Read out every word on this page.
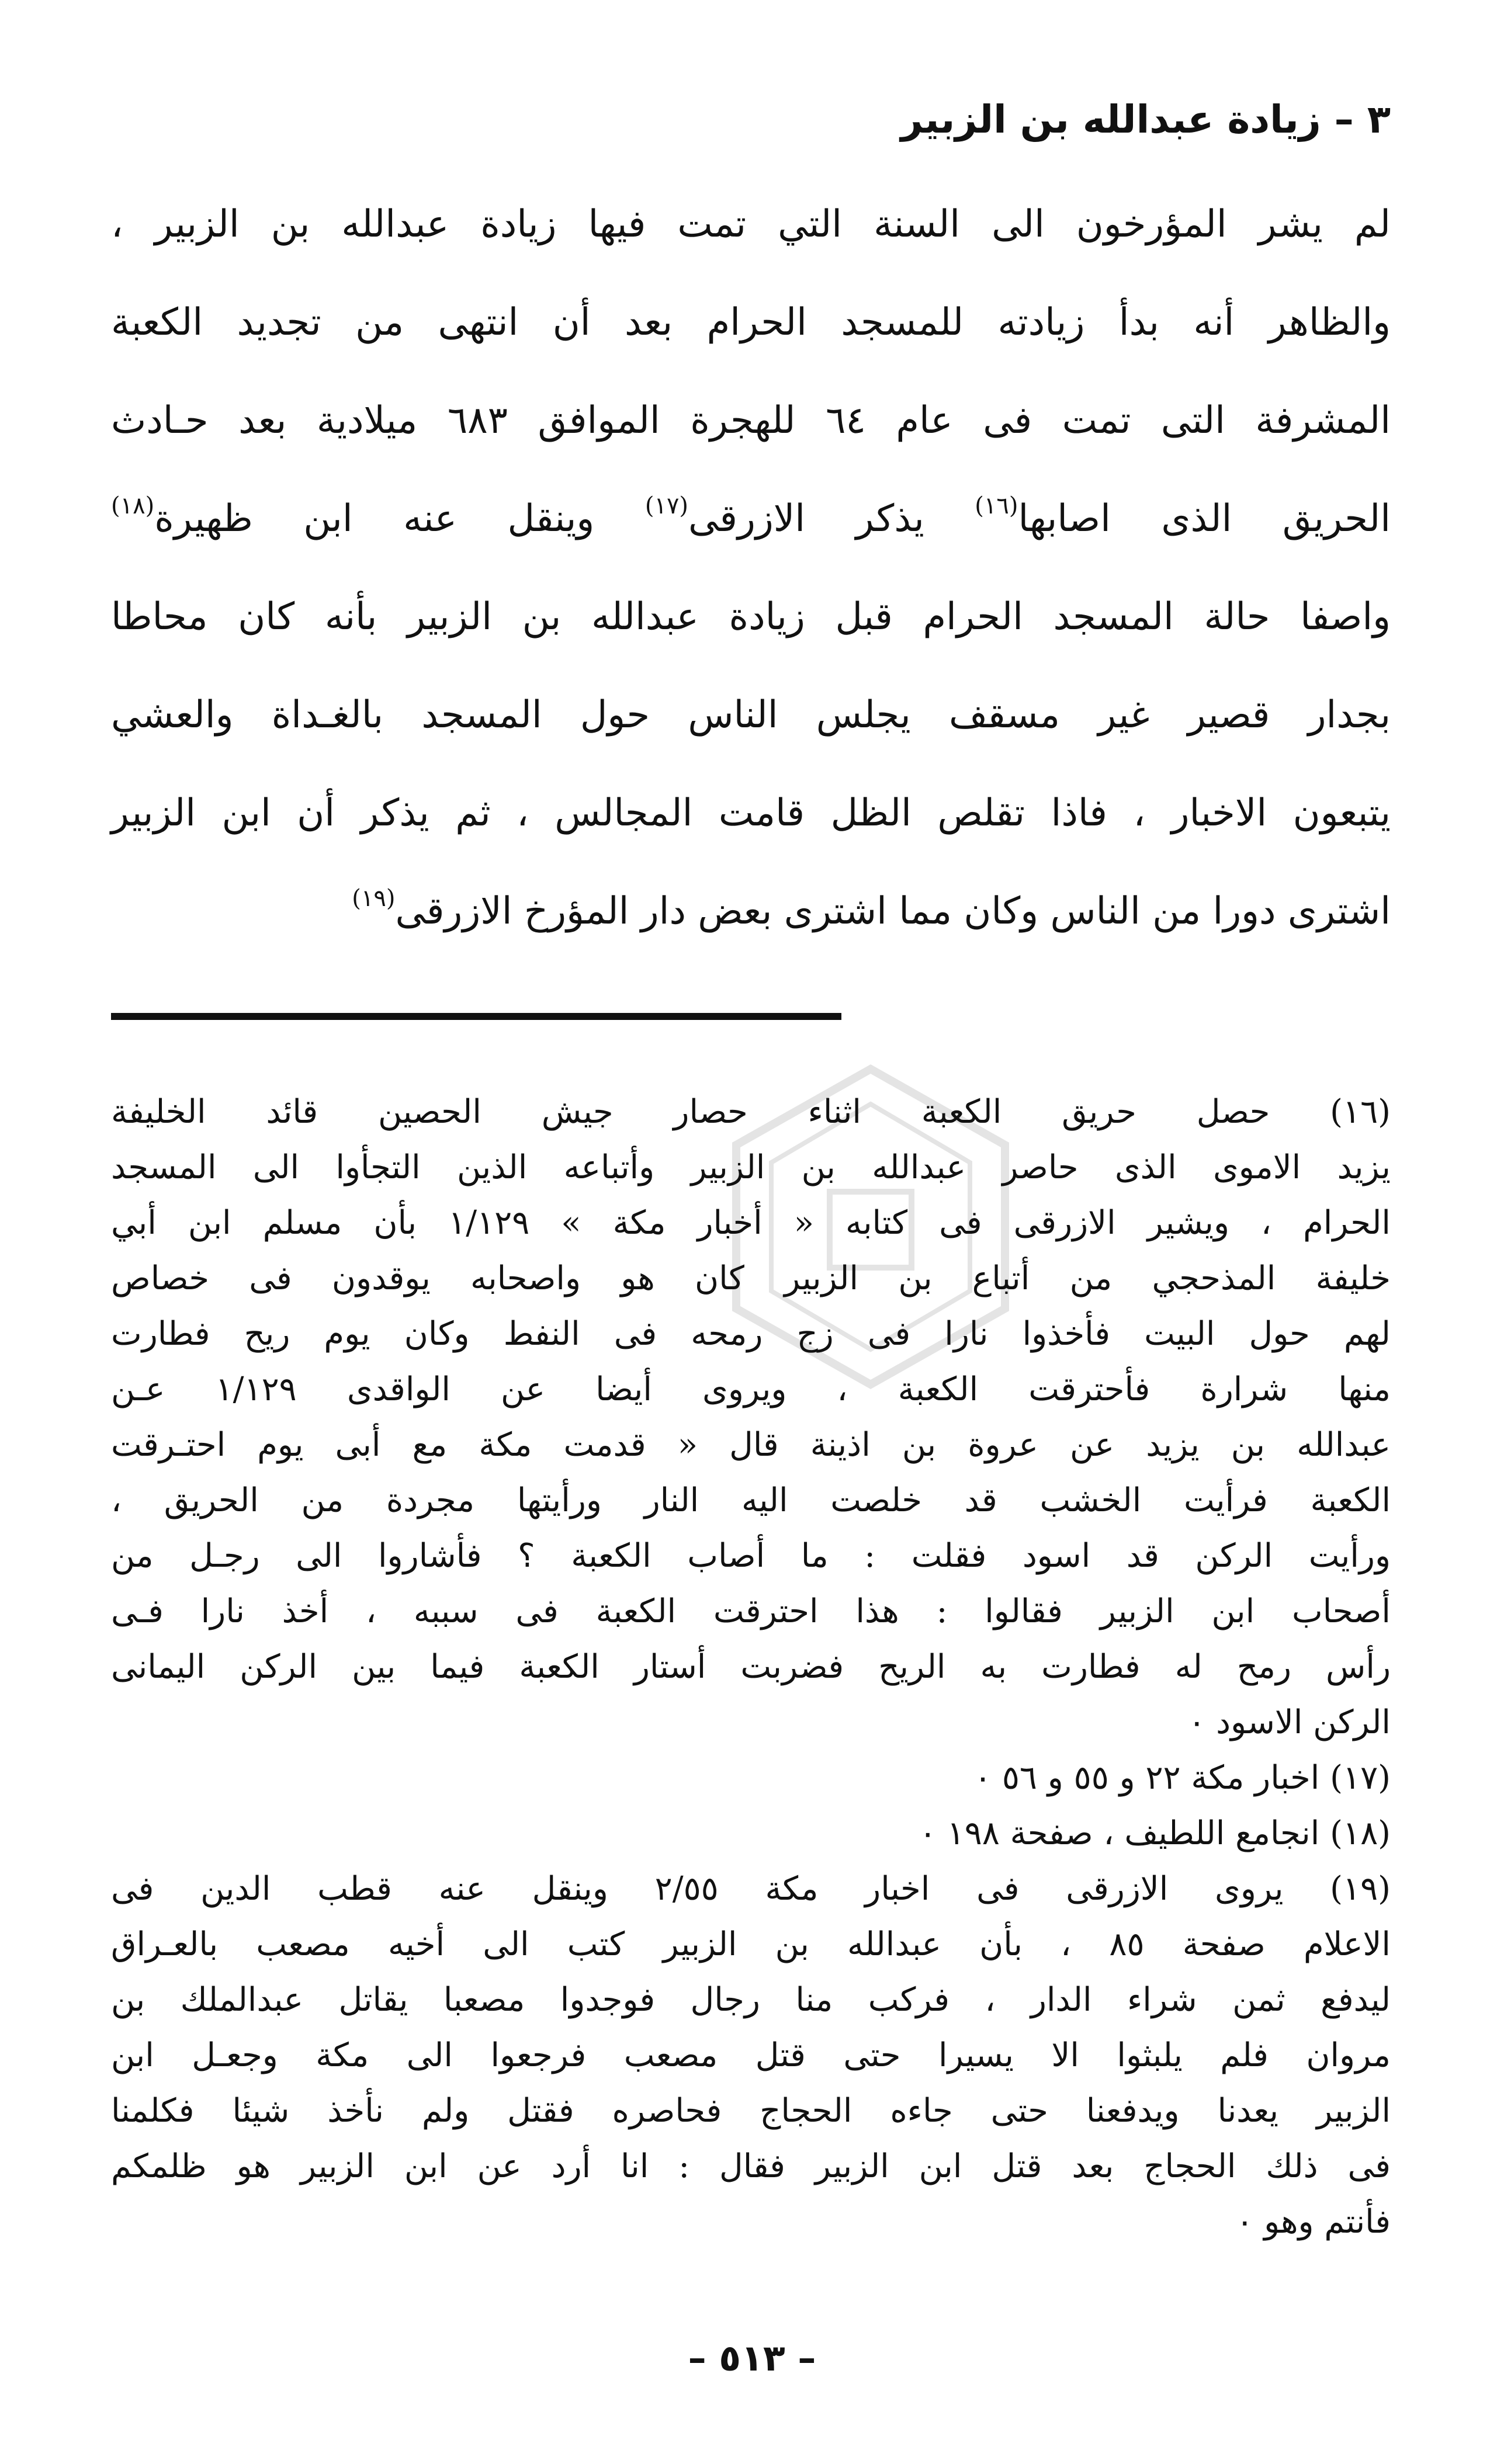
٣ – زيادة عبدالله بن الزبير
لم يشر المؤرخون الى السنة التي تمت فيها زيادة عبدالله بن الزبير ،
والظاهر أنه بدأ زيادته للمسجد الحرام بعد أن انتهى من تجديد الكعبة
المشرفة التى تمت فى عام ٦٤ للهجرة الموافق ٦٨٣ ميلادية بعد حـادث
الحريق الذى اصابها$^{(١٦)}$ يذكر الازرقى$^{(١٧)}$ وينقل عنه ابن ظهيرة$^{(١٨)}$
واصفا حالة المسجد الحرام قبل زيادة عبدالله بن الزبير بأنه كان محاطا
بجدار قصير غير مسقف يجلس الناس حول المسجد بالغـداة والعشي
يتبعون الاخبار ، فاذا تقلص الظل قامت المجالس ، ثم يذكر أن ابن الزبير
اشترى دورا من الناس وكان مما اشترى بعض دار المؤرخ الازرقى$^{(١٩)}$
(١٦) حصل حريق الكعبة اثناء حصار جيش الحصين قائد الخليفة
يزيد الاموى الذى حاصر عبدالله بن الزبير وأتباعه الذين التجأوا الى المسجد
الحرام ، ويشير الازرقى فى كتابه « أخبار مكة » ١/١٢٩ بأن مسلم ابن أبي
خليفة المذحجي من أتباع بن الزبير كان هو واصحابه يوقدون فى خصاص
لهم حول البيت فأخذوا نارا فى زج رمحه فى النفط وكان يوم ريح فطارت
منها شرارة فأحترقت الكعبة ، ويروى أيضا عن الواقدى ١/١٢٩ عـن
عبدالله بن يزيد عن عروة بن اذينة قال « قدمت مكة مع أبى يوم احتـرقت
الكعبة فرأيت الخشب قد خلصت اليه النار ورأيتها مجردة من الحريق ،
ورأيت الركن قد اسود فقلت : ما أصاب الكعبة ؟ فأشاروا الى رجـل من
أصحاب ابن الزبير فقالوا : هذا احترقت الكعبة فى سببه ، أخذ نارا فـى
رأس رمح له فطارت به الريح فضربت أستار الكعبة فيما بين الركن اليمانى
الركن الاسود ٠
(١٧) اخبار مكة ٢٢ و ٥٥ و ٥٦ ٠
(١٨) انجامع اللطيف ، صفحة ١٩٨ ٠
(١٩) يروى الازرقى فى اخبار مكة ٢/٥٥ وينقل عنه قطب الدين فى
الاعلام صفحة ٨٥ ، بأن عبدالله بن الزبير كتب الى أخيه مصعب بالعـراق
ليدفع ثمن شراء الدار ، فركب منا رجال فوجدوا مصعبا يقاتل عبدالملك بن
مروان فلم يلبثوا الا يسيرا حتى قتل مصعب فرجعوا الى مكة وجعـل ابن
الزبير يعدنا ويدفعنا حتى جاءه الحجاج فحاصره فقتل ولم نأخذ شيئا فكلمنا
فى ذلك الحجاج بعد قتل ابن الزبير فقال : انا أرد عن ابن الزبير هو ظلمكم
فأنتم وهو ٠
– ٥١٣ –
